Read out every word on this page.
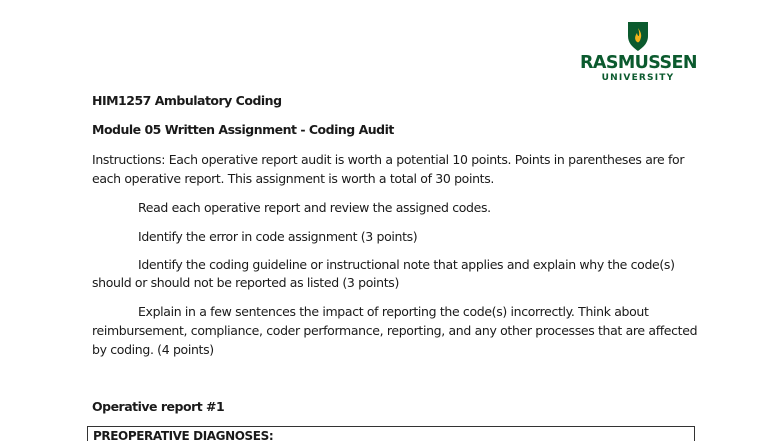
RASMUSSEN
UNIVERSITY
HIM1257 Ambulatory Coding
Module 05 Written Assignment - Coding Audit
Instructions: Each operative report audit is worth a potential 10 points. Points in parentheses are for
each operative report. This assignment is worth a total of 30 points.
Read each operative report and review the assigned codes.
Identify the error in code assignment (3 points)
Identify the coding guideline or instructional note that applies and explain why the code(s)
should or should not be reported as listed (3 points)
Explain in a few sentences the impact of reporting the code(s) incorrectly. Think about
reimbursement, compliance, coder performance, reporting, and any other processes that are affected
by coding. (4 points)
Operative report #1
PREOPERATIVE DIAGNOSES:
